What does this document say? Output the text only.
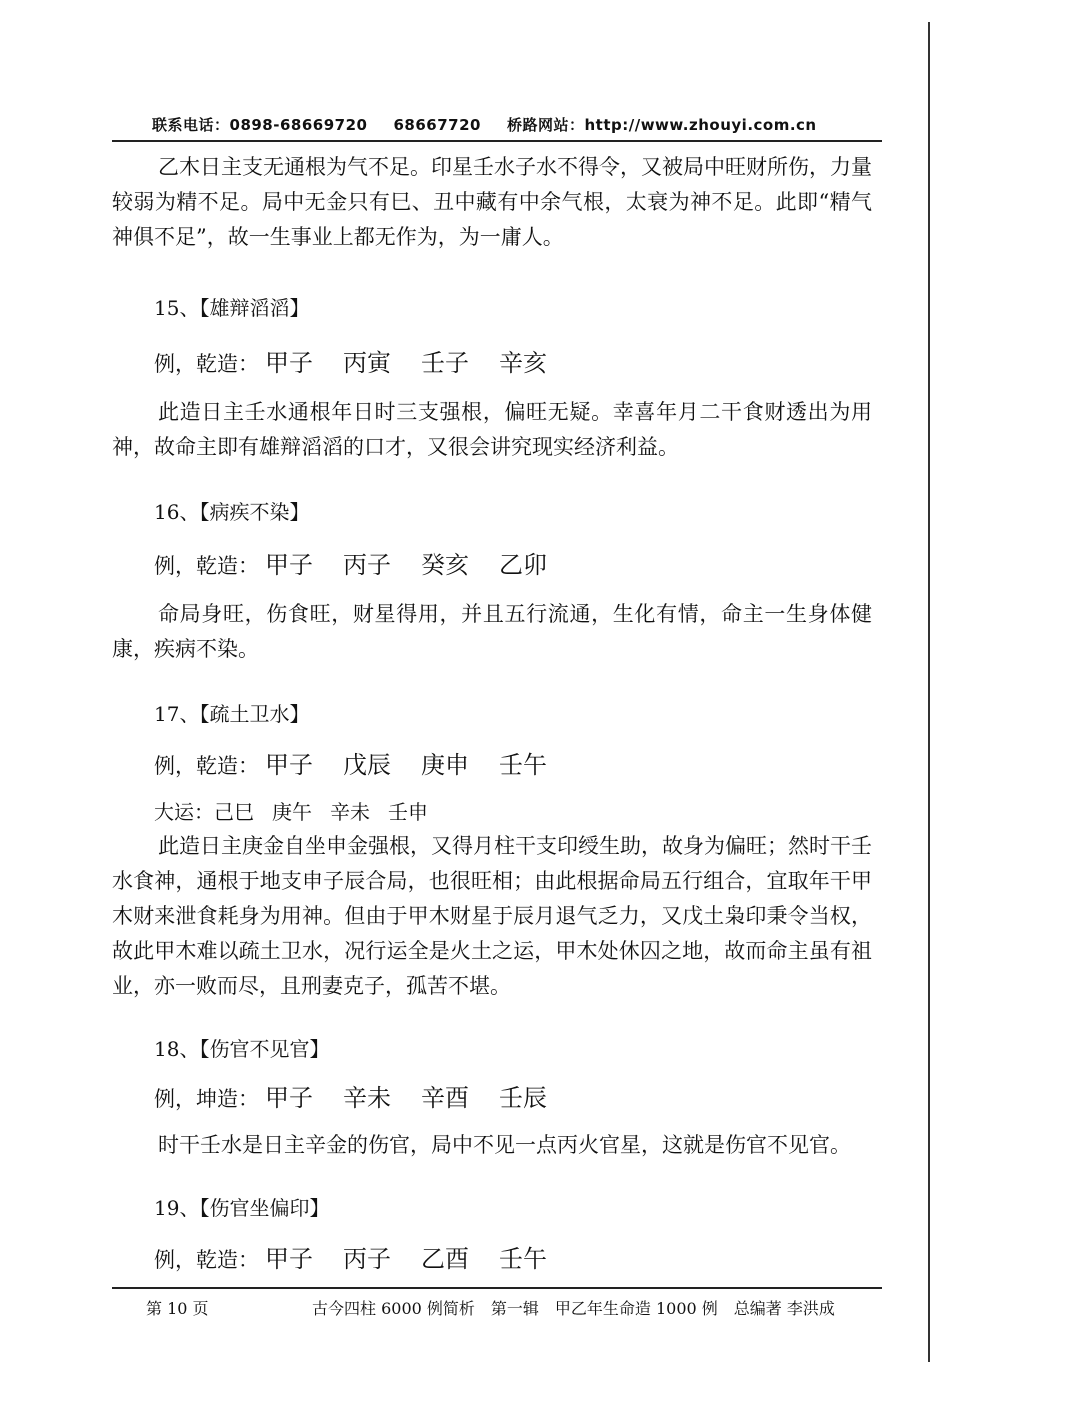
联系电话：0898-68669720 68667720 桥路网站：http://www.zhouyi.com.cn

乙木日主支无通根为气不足。印星壬水子水不得令，又被局中旺财所伤，力量较弱为精不足。局中无金只有巳、丑中藏有中余气根，太衰为神不足。此即“精气神俱不足”，故一生事业上都无作为，为一庸人。

15、【雄辩滔滔】

例，乾造： 甲子 丙寅 壬子 辛亥

此造日主壬水通根年日时三支强根，偏旺无疑。幸喜年月二干食财透出为用神，故命主即有雄辩滔滔的口才，又很会讲究现实经济利益。

16、【病疾不染】

例，乾造： 甲子 丙子 癸亥 乙卯

命局身旺，伤食旺，财星得用，并且五行流通，生化有情，命主一生身体健康，疾病不染。

17、【疏土卫水】

例，乾造： 甲子 戊辰 庚申 壬午

大运：己巳 庚午 辛未 壬申

此造日主庚金自坐申金强根，又得月柱干支印绶生助，故身为偏旺；然时干壬水食神，通根于地支申子辰合局，也很旺相；由此根据命局五行组合，宜取年干甲木财来泄食耗身为用神。但由于甲木财星于辰月退气乏力，又戊土枭印秉令当权，故此甲木难以疏土卫水，况行运全是火土之运，甲木处休囚之地，故而命主虽有祖业，亦一败而尽，且刑妻克子，孤苦不堪。

18、【伤官不见官】

例，坤造： 甲子 辛未 辛酉 壬辰

时干壬水是日主辛金的伤官，局中不见一点丙火官星，这就是伤官不见官。

19、【伤官坐偏印】

例，乾造： 甲子 丙子 乙酉 壬午

第 10 页	古今四柱 6000 例简析　第一辑　甲乙年生命造 1000 例　总编著 李洪成
